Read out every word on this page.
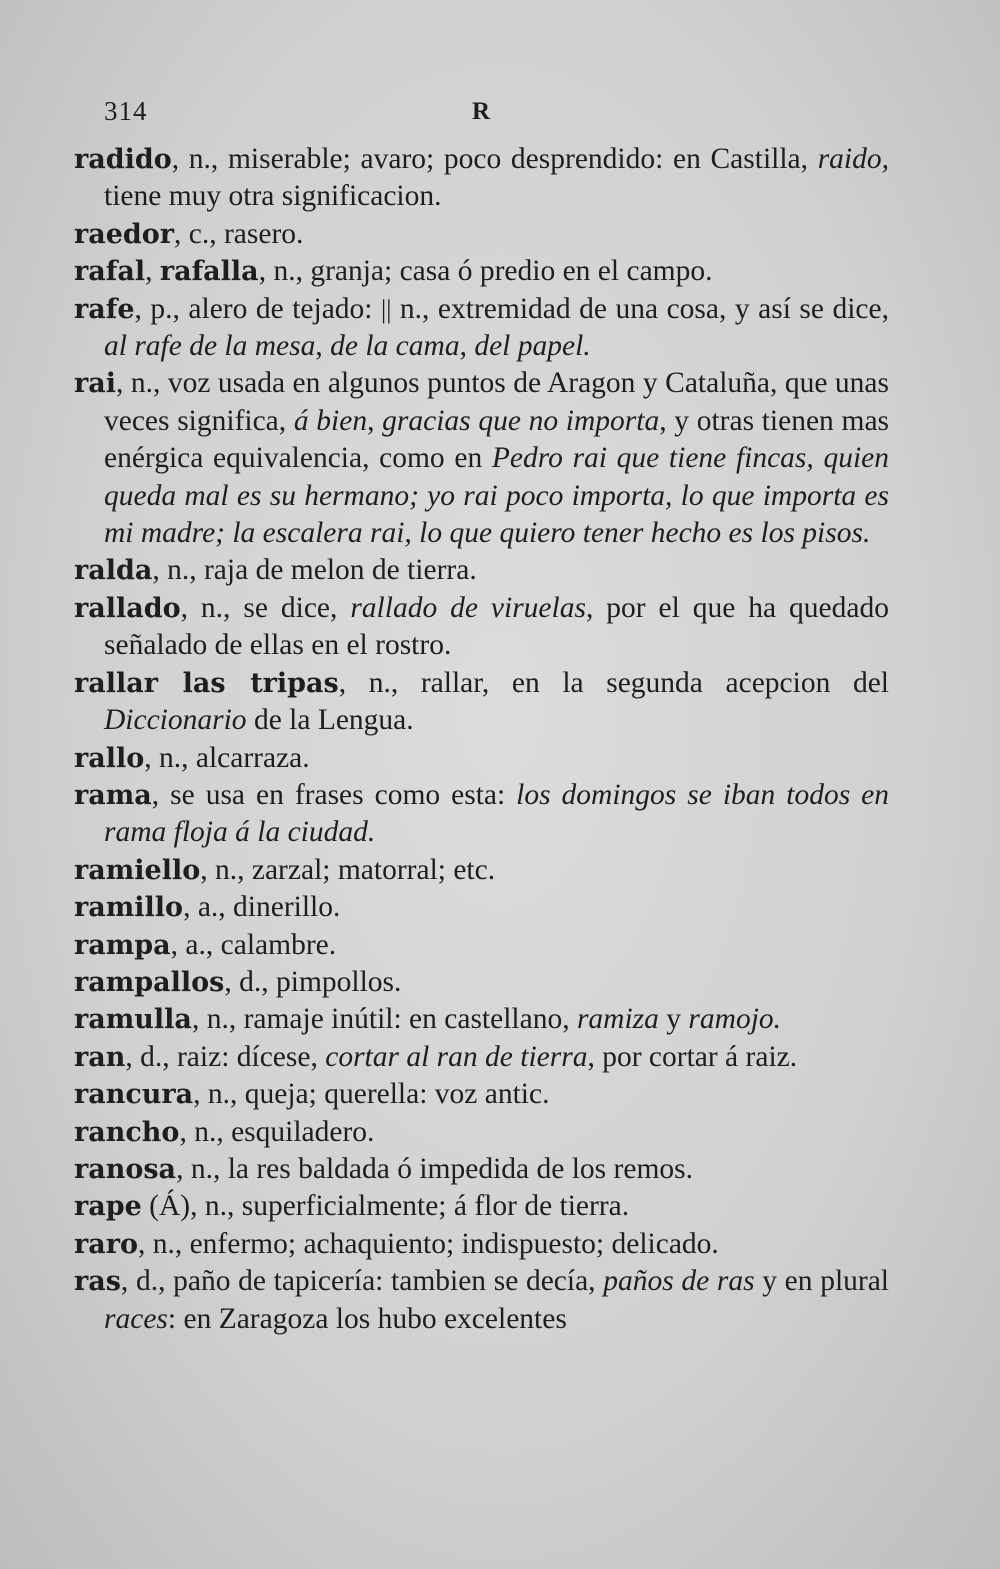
314	R

radido, n., miserable; avaro; poco desprendido: en Castilla, raido, tiene muy otra significacion.

raedor, c., rasero.

rafal, rafalla, n., granja; casa ó predio en el campo.

rafe, p., alero de tejado: || n., extremidad de una cosa, y así se dice, al rafe de la mesa, de la cama, del papel.

rai, n., voz usada en algunos puntos de Aragon y Cataluña, que unas veces significa, á bien, gracias que no importa, y otras tienen mas enérgica equivalencia, como en Pedro rai que tiene fincas, quien queda mal es su hermano; yo rai poco importa, lo que importa es mi madre; la escalera rai, lo que quiero tener hecho es los pisos.

ralda, n., raja de melon de tierra.

rallado, n., se dice, rallado de viruelas, por el que ha quedado señalado de ellas en el rostro.

rallar las tripas, n., rallar, en la segunda acepcion del Diccionario de la Lengua.

rallo, n., alcarraza.

rama, se usa en frases como esta: los domingos se iban todos en rama floja á la ciudad.

ramiello, n., zarzal; matorral; etc.

ramillo, a., dinerillo.

rampa, a., calambre.

rampallos, d., pimpollos.

ramulla, n., ramaje inútil: en castellano, ramiza y ramojo.

ran, d., raiz: dícese, cortar al ran de tierra, por cortar á raiz.

rancura, n., queja; querella: voz antic.

rancho, n., esquiladero.

ranosa, n., la res baldada ó impedida de los remos.

rape (Á), n., superficialmente; á flor de tierra.

raro, n., enfermo; achaquiento; indispuesto; delicado.

ras, d., paño de tapicería: tambien se decía, paños de ras y en plural races: en Zaragoza los hubo excelentes
